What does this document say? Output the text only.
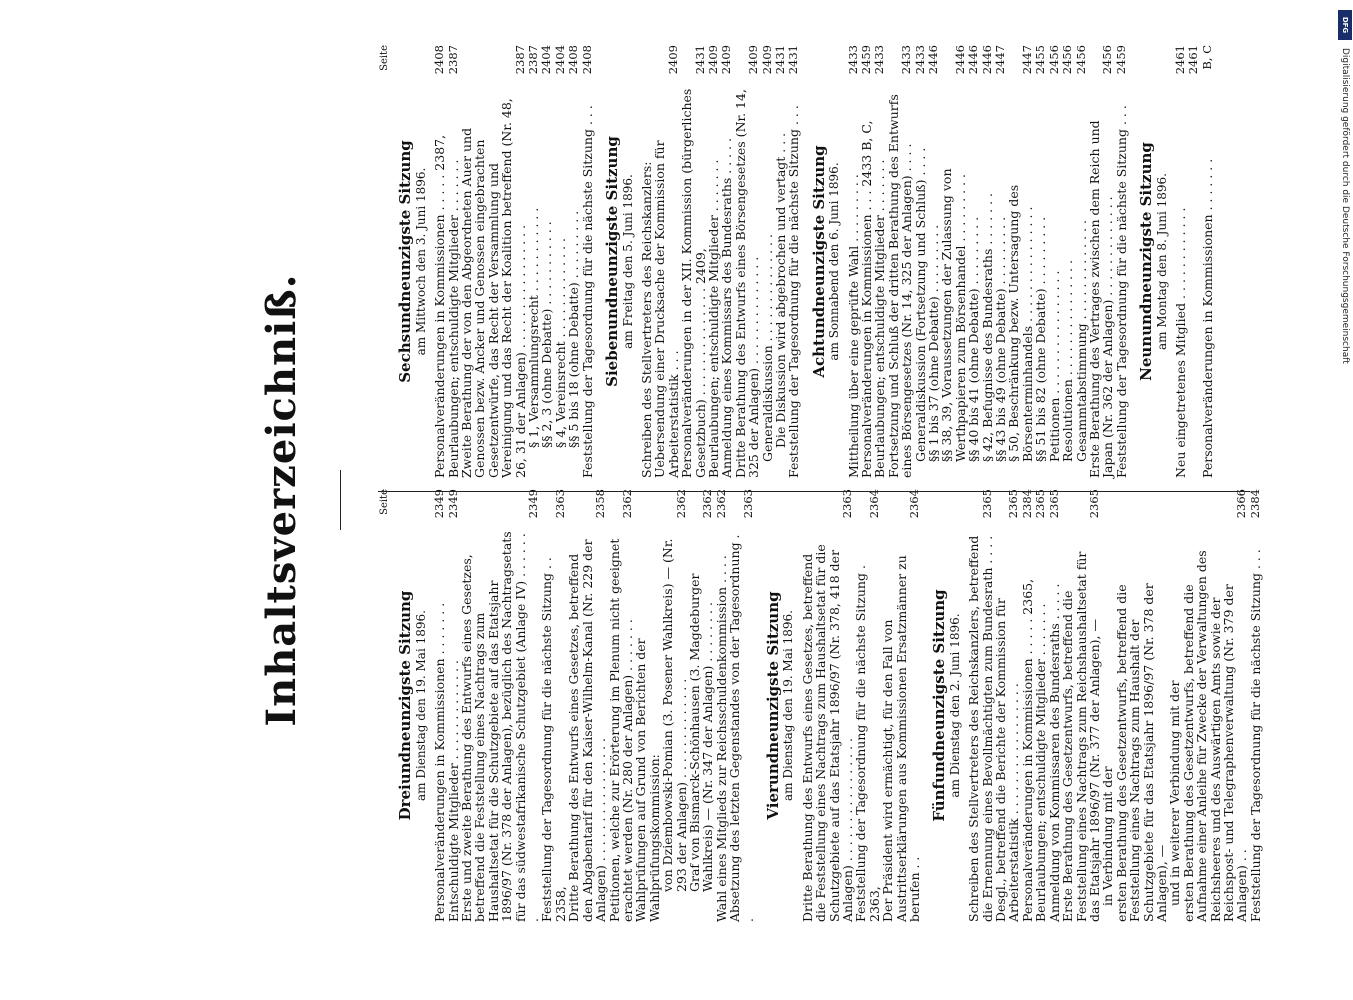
Inhaltsverzeichniß.	Seite
Dreiundneunzigste Sitzung am Dienstag den 19. Mai 1896. Personalveränderungen in Kommissionen . . . . . . .
2349
Entschuldigte Mitglieder . . . . . . . . . . . . .
2349
Erste und zweite Berathung des Entwurfs eines Gesetzes, betreffend die Feststellung eines Nachtrags zum Haushaltsetat für die Schutzgebiete auf das Etatsjahr 1896/97 (Nr. 378 der Anlagen), bezüglich des Nachtragsetats für das südwestafrikanische Schutzgebiet (Anlage IV) . . . . . . .
2349
Feststellung der Tagesordnung für die nächste Sitzung . . 2358,
2363
Dritte Berathung des Entwurfs eines Gesetzes, betreffend den Abgabentarif für den Kaiser-Wilhelm-Kanal (Nr. 229 der Anlagen) . . . . . . . . . . . . . . . .
2358
Petitionen, welche zur Erörterung im Plenum nicht geeignet erachtet werden (Nr. 280 der Anlagen) . . . . . . .
2362
Wahlprüfungen auf Grund von Berichten der Wahlprüfungskommission:
von Dziembowski-Pomian (3. Posener Wahlkreis) — (Nr. 293 der Anlagen) . . . . . . . . . . . . .
2362
Graf von Bismarck-Schönhausen (3. Magdeburger Wahlkreis) — (Nr. 347 der Anlagen) . . . . . . . .
2362
Wahl eines Mitglieds zur Reichsschuldenkommission . . . .
2362
Absetzung des letzten Gegenstandes von der Tagesordnung . .
2363
Vierundneunzigste Sitzung am Dienstag den 19. Mai 1896. Dritte Berathung des Entwurfs eines Gesetzes, betreffend die Feststellung eines Nachtrags zum Haushaltsetat für die Schutzgebiete auf das Etatsjahr 1896/97 (Nr. 378, 418 der Anlagen) . . . . . . . . . . . . . . . .
2363
Feststellung der Tagesordnung für die nächste Sitzung . 2363,
2364
Der Präsident wird ermächtigt, für den Fall von Austrittserklärungen aus Kommissionen Ersatzmänner zu berufen . .
2364
Fünfundneunzigste Sitzung am Dienstag den 2. Juni 1896. Schreiben des Stellvertreters des Reichskanzlers, betreffend die Ernennung eines Bevollmächtigten zum Bundesrath . . . .
2365
Desgl., betreffend die Berichte der Kommission für Arbeiterstatistik . . . . . . . . . . . . . . . . .
2365
Personalveränderungen in Kommissionen . . . . . 2365,
2384
Beurlaubungen; entschuldigte Mitglieder . . . . . . .
2365
Anmeldung von Kommissaren des Bundesraths . . . . .
2365
Erste Berathung des Gesetzentwurfs, betreffend die Feststellung eines Nachtrags zum Reichshaushaltsetat für das Etatsjahr 1896/97 (Nr. 377 der Anlagen), —
2365
in Verbindung mit der
ersten Berathung des Gesetzentwurfs, betreffend die Feststellung eines Nachtrags zum Haushalt der Schutzgebiete für das Etatsjahr 1896/97 (Nr. 378 der Anlagen), —
und in weiterer Verbindung mit der
ersten Berathung des Gesetzentwurfs, betreffend die Aufnahme einer Anleihe für Zwecke der Verwaltungen des Reichsheeres und des Auswärtigen Amts sowie der Reichspost- und Telegraphenverwaltung (Nr. 379 der Anlagen) . .
2366
Feststellung der Tagesordnung für die nächste Sitzung . . .
2384
Seite
Sechsundneunzigste Sitzung am Mittwoch den 3. Juni 1896. Personalveränderungen in Kommissionen . . . . . 2387,
2408
Beurlaubungen; entschuldigte Mitglieder . . . . . . .
2387
Zweite Berathung der von den Abgeordneten Auer und Genossen bezw. Ancker und Genossen eingebrachten Gesetzentwürfe, das Recht der Versammlung und Vereinigung und das Recht der Koalition betreffend (Nr. 48, 26, 31 der Anlagen) . . . . . . . . . . . . . . . .
2387
§ 1, Versammlungsrecht . . . . . . . . . . .
2387
§§ 2, 3 (ohne Debatte) . . . . . . . . . . .
2404
§ 4, Vereinsrecht . . . . . . . . . . . . .
2404
§§ 5 bis 18 (ohne Debatte) . . . . . . . . .
2408
Feststellung der Tagesordnung für die nächste Sitzung . . .
2408
Siebenundneunzigste Sitzung am Freitag den 5. Juni 1896. Schreiben des Stellvertreters des Reichskanzlers: Uebersendung einer Drucksache der Kommission für Arbeiterstatistik . . .
2409
Personalveränderungen in der XII. Kommission (bürgerliches Gesetzbuch) . . . . . . . . . . . . . . 2409,
2431
Beurlaubungen; entschuldigte Mitglieder . . . . . . .
2409
Anmeldung eines Kommissars des Bundesraths . . . . .
2409
Dritte Berathung des Entwurfs eines Börsengesetzes (Nr. 14, 325 der Anlagen) . . . . . . . . . . . . . .
2409
Generaldiskussion . . . . . . . . . . . . . .
2409
Die Diskussion wird abgebrochen und vertagt . . .
2431
Feststellung der Tagesordnung für die nächste Sitzung . . .
2431
Achtundneunzigste Sitzung am Sonnabend den 6. Juni 1896. Mittheilung über eine geprüfte Wahl . . . . . . . . .
2433
Personalveränderungen in Kommissionen . . . 2433 B, C,
2459
Beurlaubungen; entschuldigte Mitglieder . . . . . . .
2433
Fortsetzung und Schluß der dritten Berathung des Entwurfs eines Börsengesetzes (Nr. 14, 325 der Anlagen) . . . .
2433
Generaldiskussion (Fortsetzung und Schluß) . . . .
2433
§§ 1 bis 37 (ohne Debatte) . . . . . . . . .
2446
§§ 38, 39, Voraussetzungen der Zulassung von Werthpapieren zum Börsenhandel . . . . . . . . .
2446
§§ 40 bis 41 (ohne Debatte) . . . . . . . . .
2446
§ 42, Befugnisse des Bundesraths . . . . . . .
2446
§§ 43 bis 49 (ohne Debatte) . . . . . . . . .
2447
§ 50, Beschränkung bezw. Untersagung des Börsenterminhandels . . . . . . . . . . . . . . .
2447
§§ 51 bis 82 (ohne Debatte) . . . . . . . . .
2455
Petitionen . . . . . . . . . . . . . . . .
2456
Resolutionen . . . . . . . . . . . . . . .
2456
Gesammtabstimmung . . . . . . . . . . . . .
2456
Erste Berathung des Vertrages zwischen dem Reich und Japan (Nr. 362 der Anlagen) . . . . . . . . . . . . .
2456
Feststellung der Tagesordnung für die nächste Sitzung . . .
2459
Neunundneunzigste Sitzung am Montag den 8. Juni 1896. Neu eingetretenes Mitglied . . . . . . . . . . . .
2461
Personalveränderungen in Kommissionen . . . . . . .
2461 B, C
DFG
Digitalisierung gefördert durch die Deutsche Forschungsgemeinschaft
